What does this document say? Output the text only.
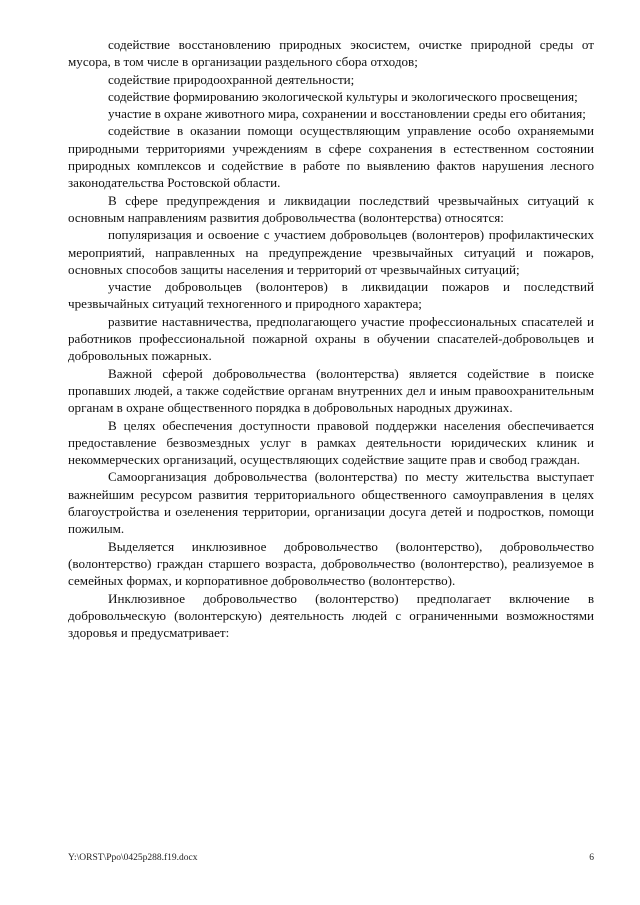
содействие восстановлению природных экосистем, очистке природной среды от мусора, в том числе в организации раздельного сбора отходов;

содействие природоохранной деятельности;

содействие формированию экологической культуры и экологического просвещения;

участие в охране животного мира, сохранении и восстановлении среды его обитания;

содействие в оказании помощи осуществляющим управление особо охраняемыми природными территориями учреждениям в сфере сохранения в естественном состоянии природных комплексов и содействие в работе по выявлению фактов нарушения лесного законодательства Ростовской области.

В сфере предупреждения и ликвидации последствий чрезвычайных ситуаций к основным направлениям развития добровольчества (волонтерства) относятся:

популяризация и освоение с участием добровольцев (волонтеров) профилактических мероприятий, направленных на предупреждение чрезвычайных ситуаций и пожаров, основных способов защиты населения и территорий от чрезвычайных ситуаций;

участие добровольцев (волонтеров) в ликвидации пожаров и последствий чрезвычайных ситуаций техногенного и природного характера;

развитие наставничества, предполагающего участие профессиональных спасателей и работников профессиональной пожарной охраны в обучении спасателей-добровольцев и добровольных пожарных.

Важной сферой добровольчества (волонтерства) является содействие в поиске пропавших людей, а также содействие органам внутренних дел и иным правоохранительным органам в охране общественного порядка в добровольных народных дружинах.

В целях обеспечения доступности правовой поддержки населения обеспечивается предоставление безвозмездных услуг в рамках деятельности юридических клиник и некоммерческих организаций, осуществляющих содействие защите прав и свобод граждан.

Самоорганизация добровольчества (волонтерства) по месту жительства выступает важнейшим ресурсом развития территориального общественного самоуправления в целях благоустройства и озеленения территории, организации досуга детей и подростков, помощи пожилым.

Выделяется инклюзивное добровольчество (волонтерство), добровольчество (волонтерство) граждан старшего возраста, добровольчество (волонтерство), реализуемое в семейных формах, и корпоративное добровольчество (волонтерство).

Инклюзивное добровольчество (волонтерство) предполагает включение в добровольческую (волонтерскую) деятельность людей с ограниченными возможностями здоровья и предусматривает:

Y:\ORST\Ppo\0425p288.f19.docx	6
